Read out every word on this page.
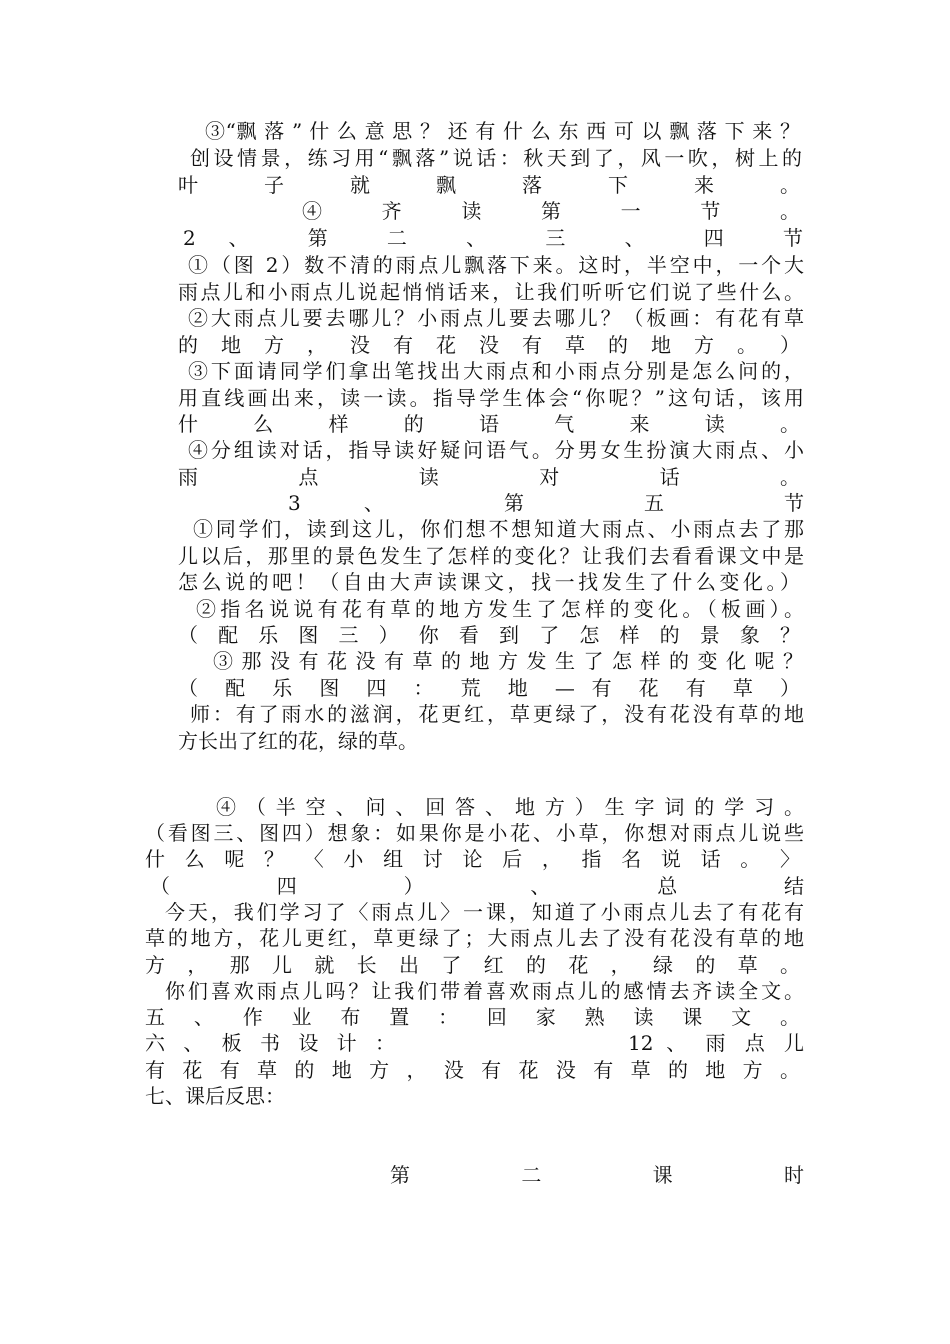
③“飘 落 ” 什 么 意 思 ？ 还 有 什 么 东 西 可 以 飘 落 下 来 ？
创设情景，练习用“飘落”说话：秋天到了，风一吹，树上的
叶 子 就 飘 落 下 来 。
④ 齐 读 第 一 节 。
2 、 第 二 、 三 、 四 节
①（图 2）数不清的雨点儿飘落下来。这时，半空中，一个大
雨点儿和小雨点儿说起悄悄话来，让我们听听它们说了些什么。
②大雨点儿要去哪儿？小雨点儿要去哪儿？（板画：有花有草
的 地 方 ， 没 有 花 没 有 草 的 地 方 。 ）
③下面请同学们拿出笔找出大雨点和小雨点分别是怎么问的，
用直线画出来，读一读。指导学生体会“你呢？”这句话，该用
什 么 样 的 语 气 来 读 。
④分组读对话，指导读好疑问语气。分男女生扮演大雨点、小
雨 点 读 对 话 。
3 、 第 五 节
①同学们，读到这儿，你们想不想知道大雨点、小雨点去了那
儿以后，那里的景色发生了怎样的变化？让我们去看看课文中是
怎么说的吧！（自由大声读课文，找一找发生了什么变化。）
②指名说说有花有草的地方发生了怎样的变化。（板画）。
（ 配 乐 图 三 ） 你 看 到 了 怎 样 的 景 象 ？
③ 那 没 有 花 没 有 草 的 地 方 发 生 了 怎 样 的 变 化 呢 ？
（ 配 乐 图 四 ： 荒 地 — 有 花 有 草 ）
师：有了雨水的滋润，花更红，草更绿了，没有花没有草的地
方长出了红的花，绿的草。
④ （ 半 空 、 问 、 回 答 、 地 方 ） 生 字 词 的 学 习 。
（看图三、图四）想象：如果你是小花、小草，你想对雨点儿说些
什 么 呢 ？ 〈 小 组 讨 论 后 ， 指 名 说 话 。 〉
（ 四 ） 、 总 结
今天，我们学习了〈雨点儿〉一课，知道了小雨点儿去了有花有
草的地方，花儿更红，草更绿了；大雨点儿去了没有花没有草的地
方 ， 那 儿 就 长 出 了 红 的 花 ， 绿 的 草 。
你们喜欢雨点儿吗？让我们带着喜欢雨点儿的感情去齐读全文。
五 、 作 业 布 置 ： 回 家 熟 读 课 文 。
六 、 板 书 设 计 ：	12 、 雨 点 儿
有 花 有 草 的 地 方 ， 没 有 花 没 有 草 的 地 方 。
七、课后反思：
第 二 课 时
